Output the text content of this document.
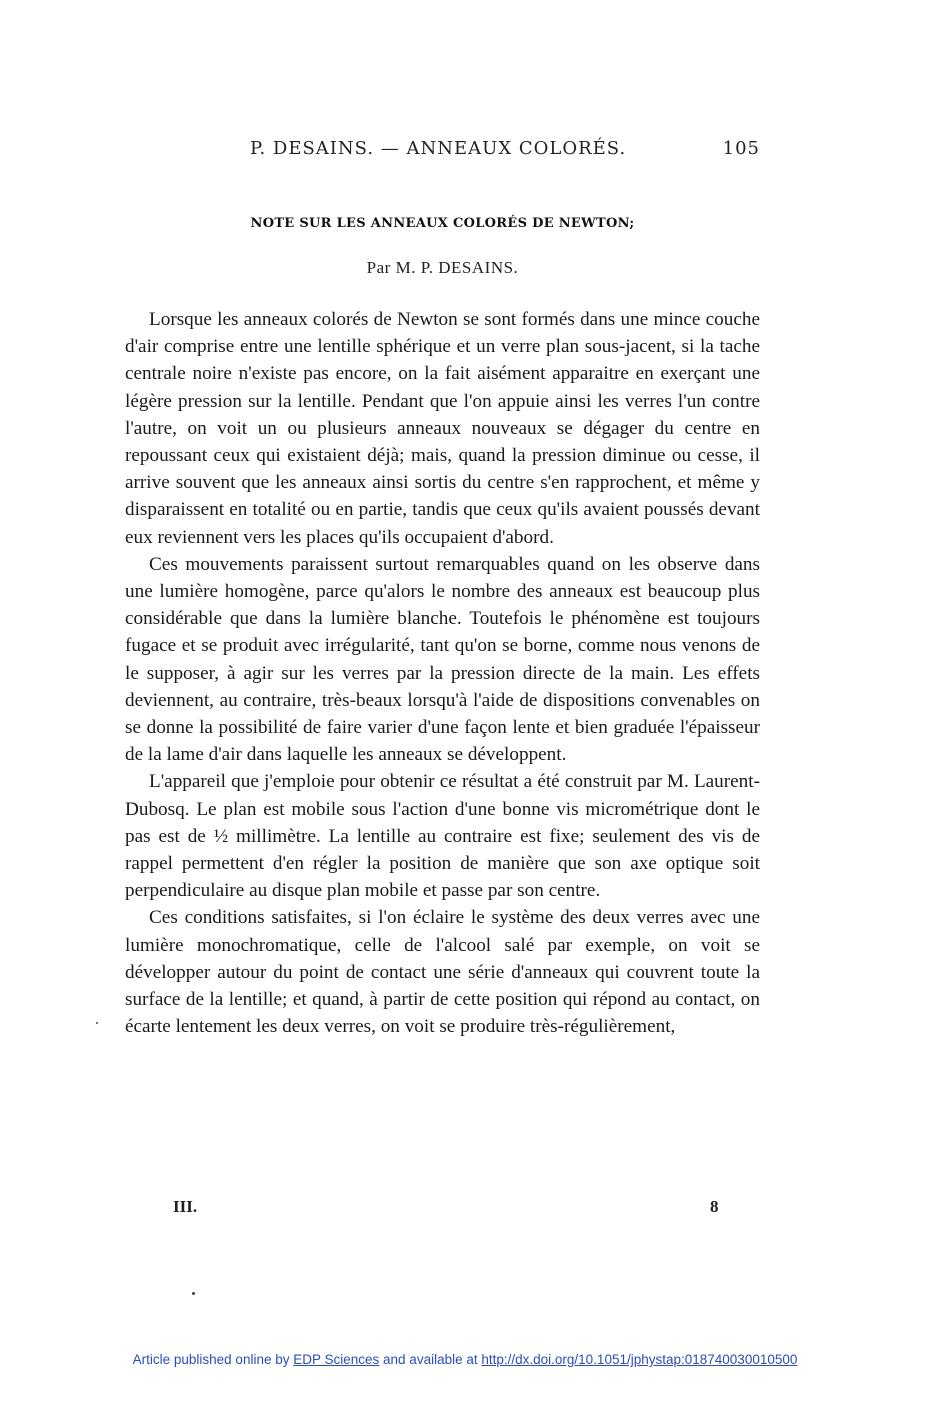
P. DESAINS. — ANNEAUX COLORÉS.	105
NOTE SUR LES ANNEAUX COLORÉS DE NEWTON;
Par M. P. DESAINS.

Lorsque les anneaux colorés de Newton se sont formés dans une mince couche d'air comprise entre une lentille sphérique et un verre plan sous-jacent, si la tache centrale noire n'existe pas encore, on la fait aisément apparaitre en exerçant une légère pression sur la lentille. Pendant que l'on appuie ainsi les verres l'un contre l'autre, on voit un ou plusieurs anneaux nouveaux se dégager du centre en repoussant ceux qui existaient déjà; mais, quand la pression diminue ou cesse, il arrive souvent que les anneaux ainsi sortis du centre s'en rapprochent, et même y disparaissent en totalité ou en partie, tandis que ceux qu'ils avaient poussés devant eux reviennent vers les places qu'ils occupaient d'abord.

Ces mouvements paraissent surtout remarquables quand on les observe dans une lumière homogène, parce qu'alors le nombre des anneaux est beaucoup plus considérable que dans la lumière blanche. Toutefois le phénomène est toujours fugace et se produit avec irrégularité, tant qu'on se borne, comme nous venons de le supposer, à agir sur les verres par la pression directe de la main. Les effets deviennent, au contraire, très-beaux lorsqu'à l'aide de dispositions convenables on se donne la possibilité de faire varier d'une façon lente et bien graduée l'épaisseur de la lame d'air dans laquelle les anneaux se développent.

L'appareil que j'emploie pour obtenir ce résultat a été construit par M. Laurent-Dubosq. Le plan est mobile sous l'action d'une bonne vis micrométrique dont le pas est de ½ millimètre. La lentille au contraire est fixe; seulement des vis de rappel permettent d'en régler la position de manière que son axe optique soit perpendiculaire au disque plan mobile et passe par son centre.

Ces conditions satisfaites, si l'on éclaire le système des deux verres avec une lumière monochromatique, celle de l'alcool salé par exemple, on voit se développer autour du point de contact une série d'anneaux qui couvrent toute la surface de la lentille; et quand, à partir de cette position qui répond au contact, on écarte lentement les deux verres, on voit se produire très-régulièrement,

III.	8
Article published online by EDP Sciences and available at http://dx.doi.org/10.1051/jphystap:018740030010500
